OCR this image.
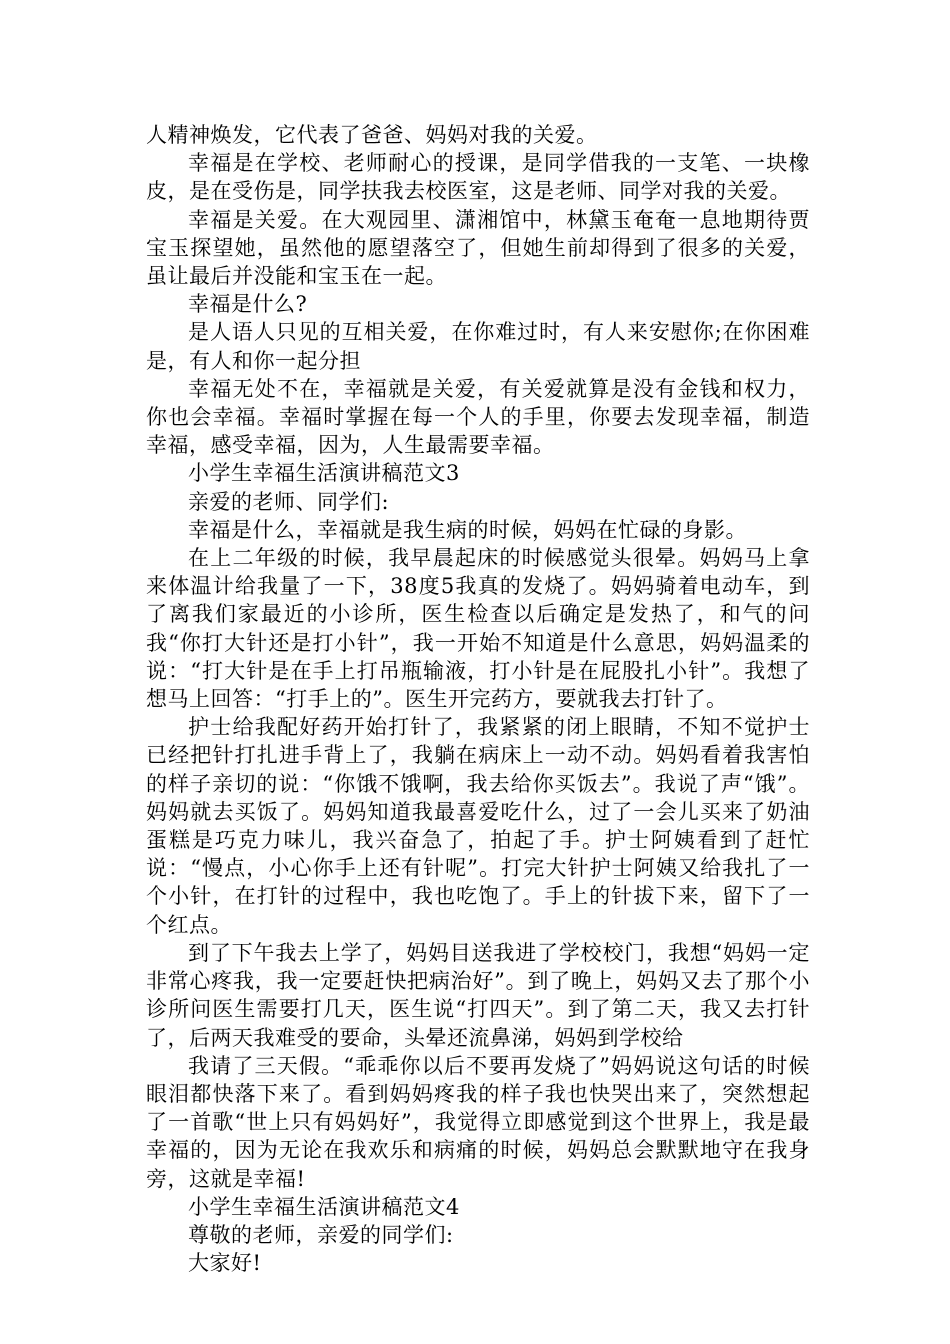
人精神焕发，它代表了爸爸、妈妈对我的关爱。

幸福是在学校、老师耐心的授课，是同学借我的一支笔、一块橡皮，是在受伤是，同学扶我去校医室，这是老师、同学对我的关爱。

幸福是关爱。在大观园里、潇湘馆中，林黛玉奄奄一息地期待贾宝玉探望她，虽然他的愿望落空了，但她生前却得到了很多的关爱，虽让最后并没能和宝玉在一起。

幸福是什么?

是人语人只见的互相关爱，在你难过时，有人来安慰你;在你困难是，有人和你一起分担

幸福无处不在，幸福就是关爱，有关爱就算是没有金钱和权力，你也会幸福。幸福时掌握在每一个人的手里，你要去发现幸福，制造幸福，感受幸福，因为，人生最需要幸福。

小学生幸福生活演讲稿范文3

亲爱的老师、同学们:

幸福是什么，幸福就是我生病的时候，妈妈在忙碌的身影。

在上二年级的时候，我早晨起床的时候感觉头很晕。妈妈马上拿来体温计给我量了一下，38度5我真的发烧了。妈妈骑着电动车，到了离我们家最近的小诊所，医生检查以后确定是发热了，和气的问我“你打大针还是打小针”，我一开始不知道是什么意思，妈妈温柔的说：“打大针是在手上打吊瓶输液，打小针是在屁股扎小针”。我想了想马上回答：“打手上的”。医生开完药方，要就我去打针了。

护士给我配好药开始打针了，我紧紧的闭上眼睛，不知不觉护士已经把针打扎进手背上了，我躺在病床上一动不动。妈妈看着我害怕的样子亲切的说：“你饿不饿啊，我去给你买饭去”。我说了声“饿”。妈妈就去买饭了。妈妈知道我最喜爱吃什么，过了一会儿买来了奶油蛋糕是巧克力味儿，我兴奋急了，拍起了手。护士阿姨看到了赶忙说：“慢点，小心你手上还有针呢”。打完大针护士阿姨又给我扎了一个小针，在打针的过程中，我也吃饱了。手上的针拔下来，留下了一个红点。

到了下午我去上学了，妈妈目送我进了学校校门，我想“妈妈一定非常心疼我，我一定要赶快把病治好”。到了晚上，妈妈又去了那个小诊所问医生需要打几天，医生说“打四天”。到了第二天，我又去打针了，后两天我难受的要命，头晕还流鼻涕，妈妈到学校给

我请了三天假。“乖乖你以后不要再发烧了”妈妈说这句话的时候眼泪都快落下来了。看到妈妈疼我的样子我也快哭出来了，突然想起了一首歌“世上只有妈妈好”，我觉得立即感觉到这个世界上，我是最幸福的，因为无论在我欢乐和病痛的时候，妈妈总会默默地守在我身旁，这就是幸福!

小学生幸福生活演讲稿范文4

尊敬的老师，亲爱的同学们:

大家好!
